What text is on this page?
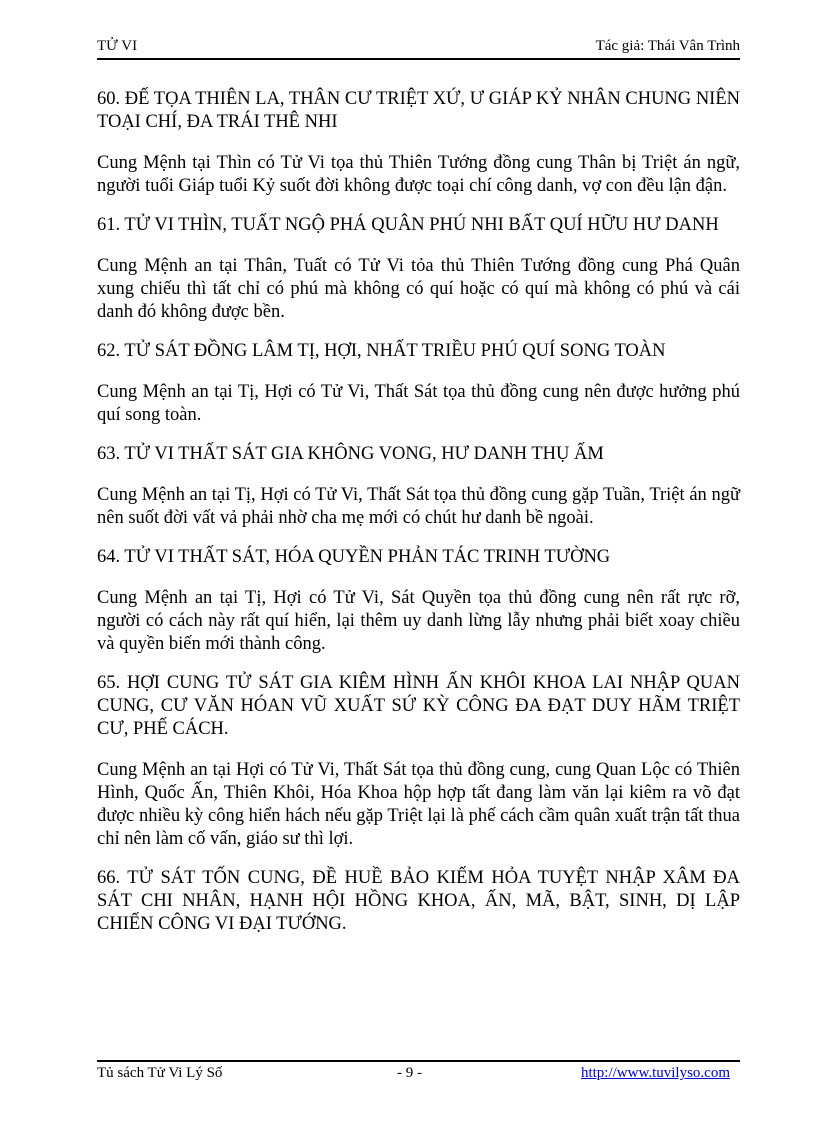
TỬ VI	Tác giả: Thái Vân Trình
60. ĐẾ TỌA THIÊN LA, THÂN CƯ TRIỆT XỨ, Ư GIÁP KỶ NHÂN CHUNG NIÊN TOẠI CHÍ, ĐA TRÁI THÊ NHI
Cung Mệnh tại Thìn có Tử Vi tọa thủ Thiên Tướng đồng cung Thân bị Triệt án ngữ, người tuổi Giáp tuổi Kỷ suốt đời không được toại chí công danh, vợ con đều lận đận.
61. TỬ VI THÌN, TUẤT NGỘ PHÁ QUÂN PHÚ NHI BẤT QUÍ HỮU HƯ DANH
Cung Mệnh an tại Thân, Tuất có Tử Vi tỏa thủ Thiên Tướng đồng cung Phá Quân xung chiếu thì tất chỉ có phú mà không có quí hoặc có quí mà không có phú và cái danh đó không được bền.
62. TỬ SÁT ĐỒNG LÂM TỊ, HỢI, NHẤT TRIỀU PHÚ QUÍ SONG TOÀN
Cung Mệnh an tại Tị, Hợi có Tử Vi, Thất Sát tọa thủ đồng cung nên được hưởng phú quí song toàn.
63. TỬ VI THẤT SÁT GIA KHÔNG VONG, HƯ DANH THỤ ẤM
Cung Mệnh an tại Tị, Hợi có Tử Vi, Thất Sát tọa thủ đồng cung gặp Tuần, Triệt án ngữ nên suốt đời vất vả phải nhờ cha mẹ mới có chút hư danh bề ngoài.
64. TỬ VI THẤT SÁT, HÓA QUYỀN PHẢN TÁC TRINH TƯỜNG
Cung Mệnh an tại Tị, Hợi có Tử Vi, Sát Quyền tọa thủ đồng cung nên rất rực rỡ, người có cách này rất quí hiển, lại thêm uy danh lừng lẫy nhưng phải biết xoay chiều và quyền biến mới thành công.
65. HỢI CUNG TỬ SÁT GIA KIÊM HÌNH ẤN KHÔI KHOA LAI NHẬP QUAN CUNG, CƯ VĂN HÓAN VŨ XUẤT SỨ KỲ CÔNG ĐA ĐẠT DUY HÃM TRIỆT CƯ, PHẾ CÁCH.
Cung Mệnh an tại Hợi có Tử Vi, Thất Sát tọa thủ đồng cung, cung Quan Lộc có Thiên Hình, Quốc Ấn, Thiên Khôi, Hóa Khoa hộp hợp tất đang làm văn lại kiêm ra võ đạt được nhiều kỳ công hiển hách nếu gặp Triệt lại là phế cách cầm quân xuất trận tất thua chỉ nên làm cố vấn, giáo sư thì lợi.
66. TỬ SÁT TỐN CUNG, ĐỀ HUỀ BẢO KIẾM HỎA TUYỆT NHẬP XÂM ĐA SÁT CHI NHÂN, HẠNH HỘI HỒNG KHOA, ẤN, MÃ, BẬT, SINH, DỊ LẬP CHIẾN CÔNG VI ĐẠI TƯỚNG.
Tủ sách Tử Vi Lý Số	- 9 -	http://www.tuvilyso.com
